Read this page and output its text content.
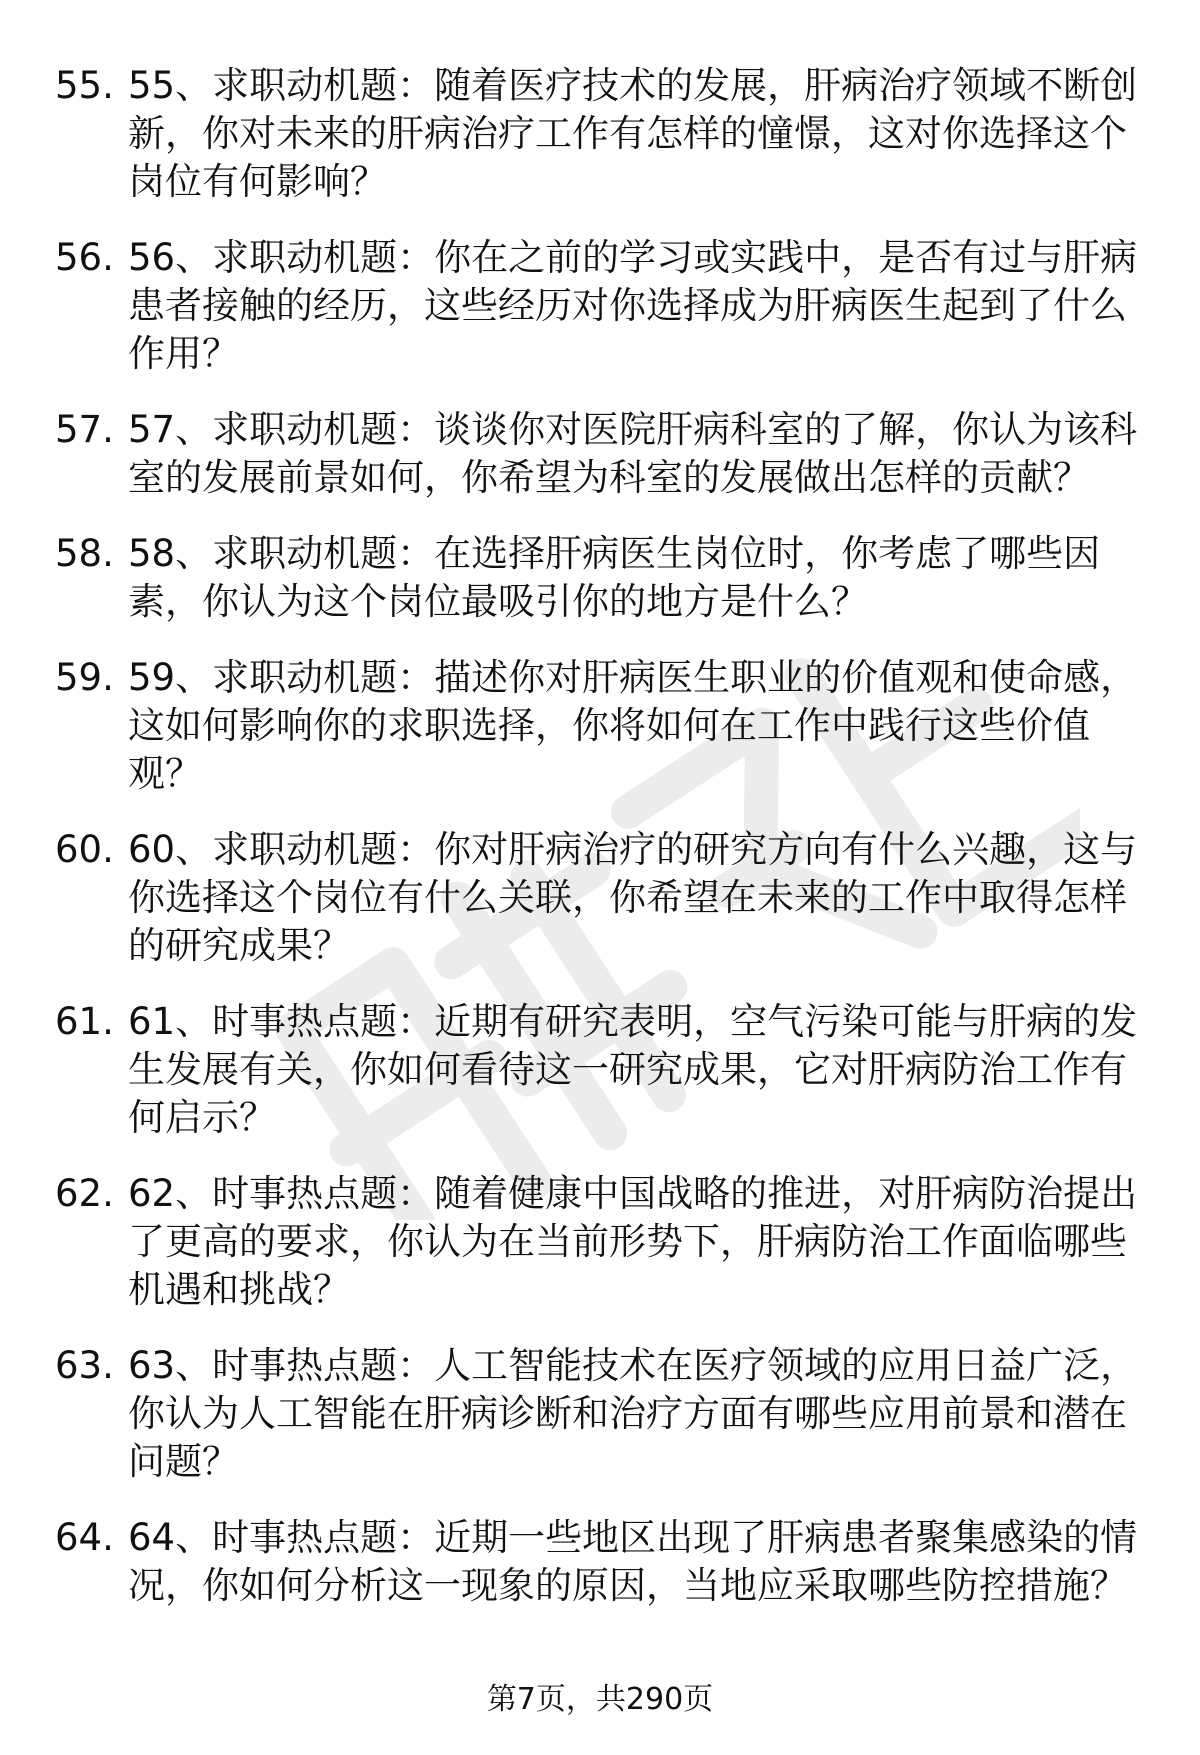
55. 55、求职动机题：随着医疗技术的发展，肝病治疗领域不断创新，你对未来的肝病治疗工作有怎样的憧憬，这对你选择这个岗位有何影响？
56. 56、求职动机题：你在之前的学习或实践中，是否有过与肝病患者接触的经历，这些经历对你选择成为肝病医生起到了什么作用？
57. 57、求职动机题：谈谈你对医院肝病科室的了解，你认为该科室的发展前景如何，你希望为科室的发展做出怎样的贡献？
58. 58、求职动机题：在选择肝病医生岗位时，你考虑了哪些因素，你认为这个岗位最吸引你的地方是什么？
59. 59、求职动机题：描述你对肝病医生职业的价值观和使命感，这如何影响你的求职选择，你将如何在工作中践行这些价值观？
60. 60、求职动机题：你对肝病治疗的研究方向有什么兴趣，这与你选择这个岗位有什么关联，你希望在未来的工作中取得怎样的研究成果？
61. 61、时事热点题：近期有研究表明，空气污染可能与肝病的发生发展有关，你如何看待这一研究成果，它对肝病防治工作有何启示？
62. 62、时事热点题：随着健康中国战略的推进，对肝病防治提出了更高的要求，你认为在当前形势下，肝病防治工作面临哪些机遇和挑战？
63. 63、时事热点题：人工智能技术在医疗领域的应用日益广泛，你认为人工智能在肝病诊断和治疗方面有哪些应用前景和潜在问题？
64. 64、时事热点题：近期一些地区出现了肝病患者聚集感染的情况，你如何分析这一现象的原因，当地应采取哪些防控措施？
第7页，共290页
